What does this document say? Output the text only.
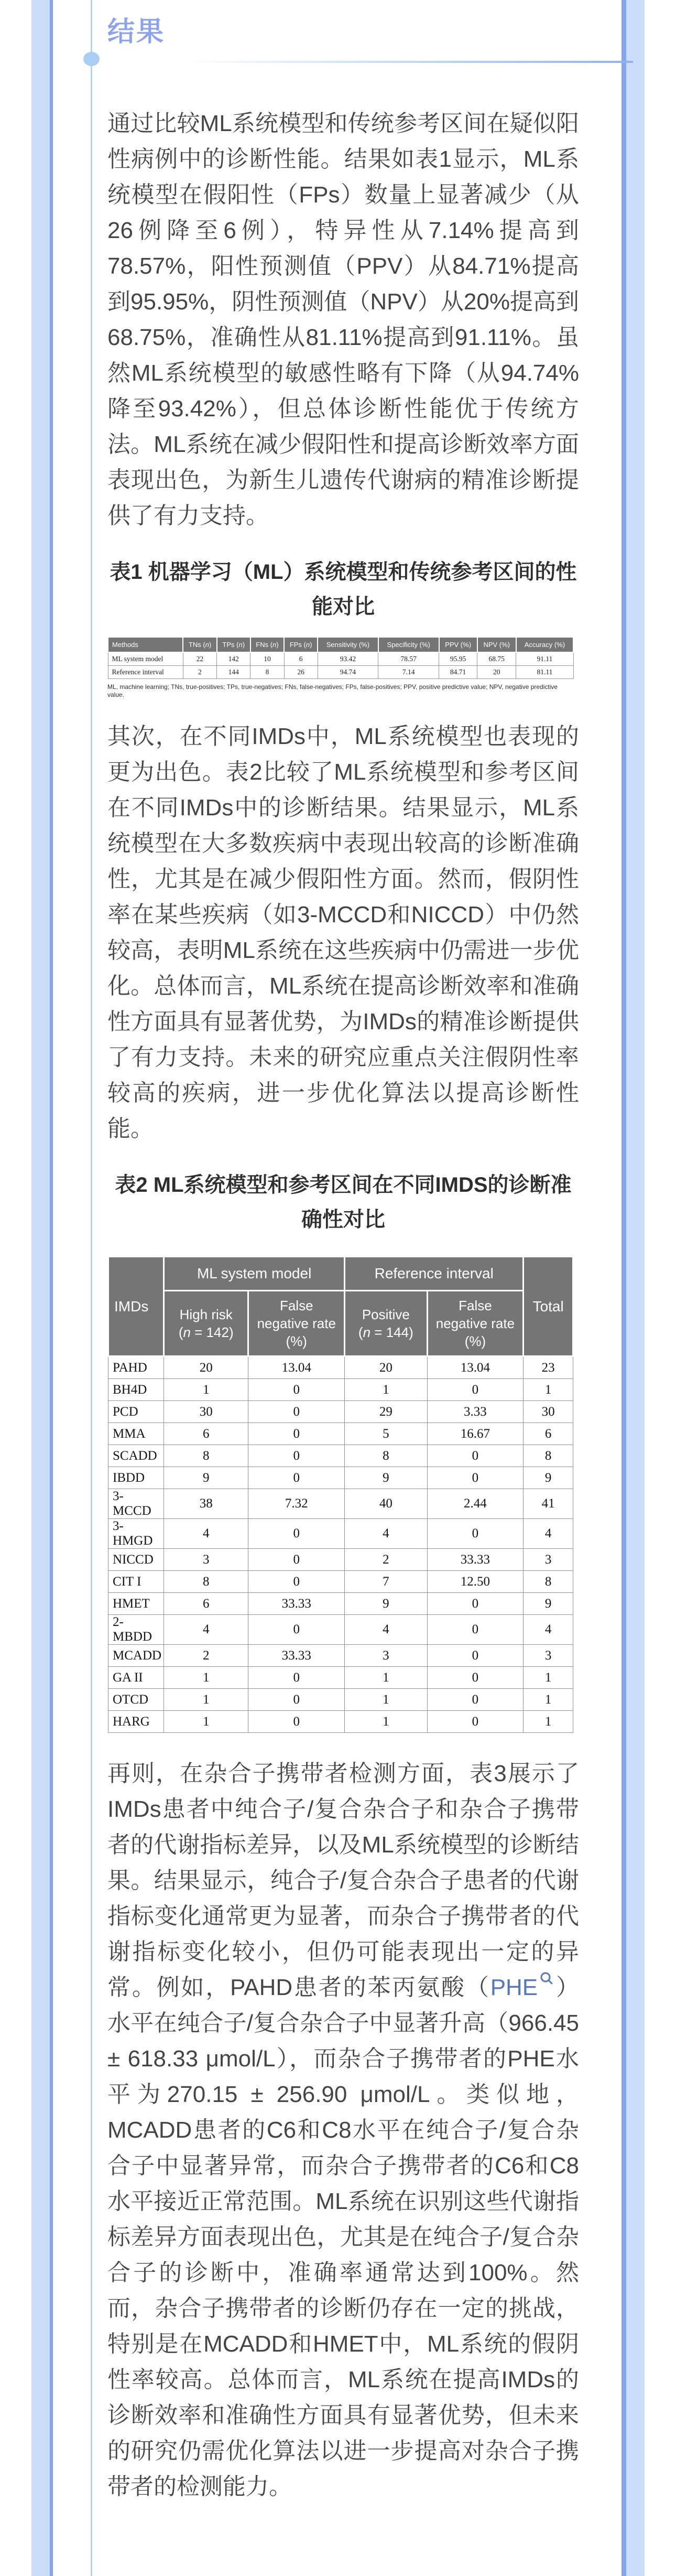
结果

通过比较ML系统模型和传统参考区间在疑似阳性病例中的诊断性能。结果如表1显示，ML系统模型在假阳性（FPs）数量上显著减少（从26例降至6例），特异性从7.14%提高到78.57%，阳性预测值（PPV）从84.71%提高到95.95%，阴性预测值（NPV）从20%提高到68.75%，准确性从81.11%提高到91.11%。虽然ML系统模型的敏感性略有下降（从94.74%降至93.42%），但总体诊断性能优于传统方法。ML系统在减少假阳性和提高诊断效率方面表现出色，为新生儿遗传代谢病的精准诊断提供了有力支持。

表1 机器学习（ML）系统模型和传统参考区间的性能对比
Methods	TNs (n)	TPs (n)	FNs (n)	FPs (n)	Sensitivity (%)	Specificity (%)	PPV (%)	NPV (%)	Accuracy (%)
ML system model	22	142	10	6	93.42	78.57	95.95	68.75	91.11
Reference interval	2	144	8	26	94.74	7.14	84.71	20	81.11
ML, machine learning; TNs, true-positives; TPs, true-negatives; FNs, false-negatives; FPs, false-positives; PPV, positive predictive value; NPV, negative predictive value.

其次，在不同IMDs中，ML系统模型也表现的更为出色。表2比较了ML系统模型和参考区间在不同IMDs中的诊断结果。结果显示，ML系统模型在大多数疾病中表现出较高的诊断准确性，尤其是在减少假阳性方面。然而，假阴性率在某些疾病（如3-MCCD和NICCD）中仍然较高，表明ML系统在这些疾病中仍需进一步优化。总体而言，ML系统在提高诊断效率和准确性方面具有显著优势，为IMDs的精准诊断提供了有力支持。未来的研究应重点关注假阴性率较高的疾病，进一步优化算法以提高诊断性能。

表2 ML系统模型和参考区间在不同IMDS的诊断准确性对比
IMDs	ML system model		Reference interval		Total
	High risk (n = 142)	False negative rate (%)	Positive (n = 144)	False negative rate (%)	
PAHD	20	13.04	20	13.04	23
BH4D	1	0	1	0	1
PCD	30	0	29	3.33	30
MMA	6	0	5	16.67	6
SCADD	8	0	8	0	8
IBDD	9	0	9	0	9
3-MCCD	38	7.32	40	2.44	41
3-HMGD	4	0	4	0	4
NICCD	3	0	2	33.33	3
CIT I	8	0	7	12.50	8
HMET	6	33.33	9	0	9
2-MBDD	4	0	4	0	4
MCADD	2	33.33	3	0	3
GA II	1	0	1	0	1
OTCD	1	0	1	0	1
HARG	1	0	1	0	1

再则，在杂合子携带者检测方面，表3展示了IMDs患者中纯合子/复合杂合子和杂合子携带者的代谢指标差异，以及ML系统模型的诊断结果。结果显示，纯合子/复合杂合子患者的代谢指标变化通常更为显著，而杂合子携带者的代谢指标变化较小，但仍可能表现出一定的异常。例如，PAHD患者的苯丙氨酸（PHE ）水平在纯合子/复合杂合子中显著升高（966.45 ± 618.33 μmol/L），而杂合子携带者的PHE水平为270.15 ± 256.90 μmol/L。类似地，MCADD患者的C6和C8水平在纯合子/复合杂合子中显著异常，而杂合子携带者的C6和C8水平接近正常范围。ML系统在识别这些代谢指标差异方面表现出色，尤其是在纯合子/复合杂合子的诊断中，准确率通常达到100%。然而，杂合子携带者的诊断仍存在一定的挑战，特别是在MCADD和HMET中，ML系统的假阴性率较高。总体而言，ML系统在提高IMDs的诊断效率和准确性方面具有显著优势，但未来的研究仍需优化算法以进一步提高对杂合子携带者的检测能力。
